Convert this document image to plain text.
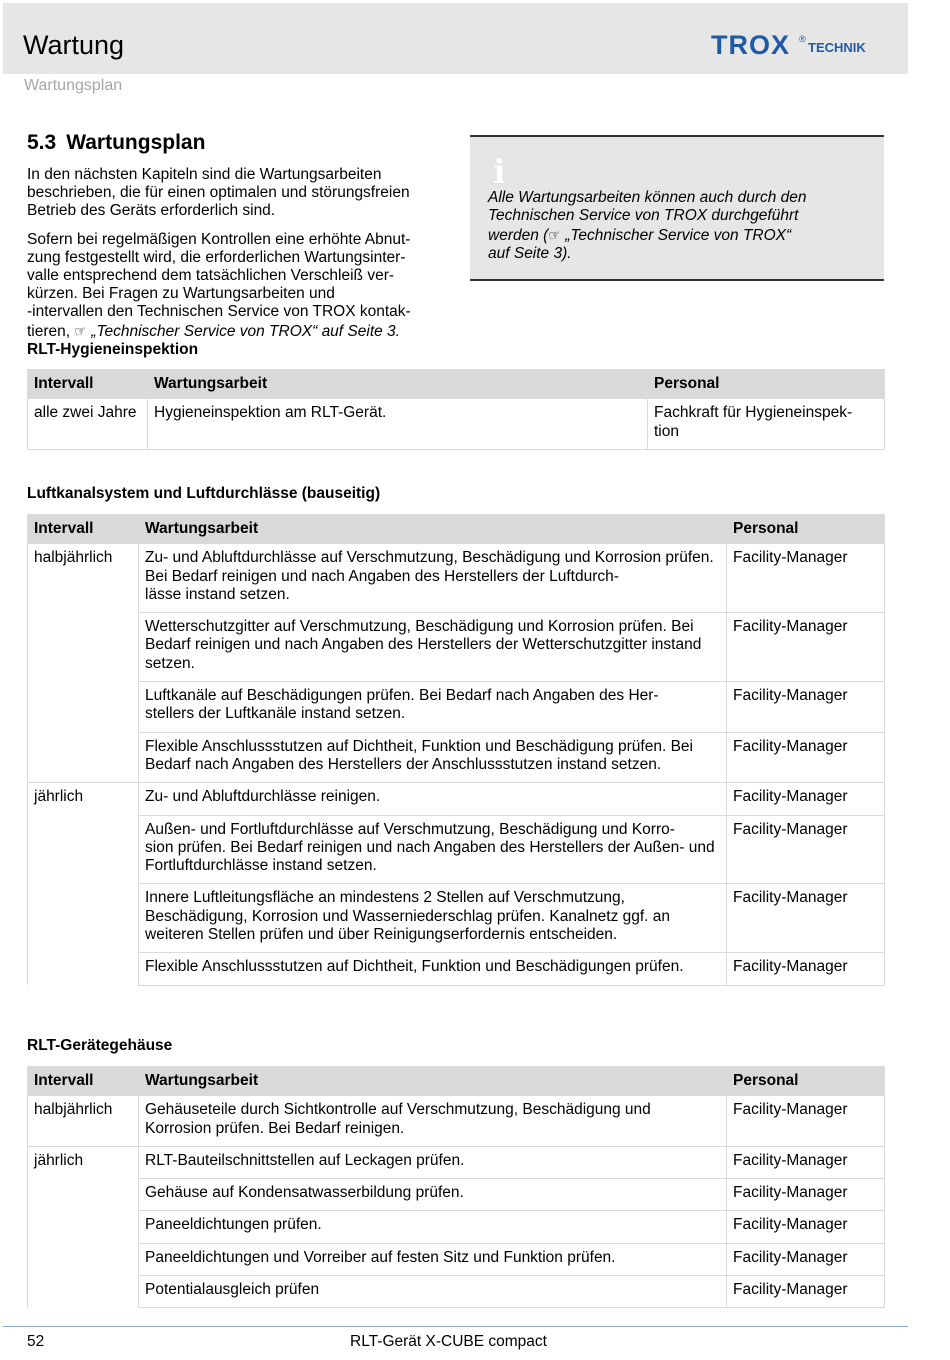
Wartung
Wartungsplan
TROX ®
TECHNIK
5.3 Wartungsplan

In den nächsten Kapiteln sind die Wartungsarbeiten beschrieben, die für einen optimalen und störungsfreien Betrieb des Geräts erforderlich sind.

Sofern bei regelmäßigen Kontrollen eine erhöhte Abnut-
zung festgestellt wird, die erforderlichen Wartungsinter-
valle entsprechend dem tatsächlichen Verschleiß ver-
kürzen. Bei Fragen zu Wartungsarbeiten und
-intervallen den Technischen Service von TROX kontak-
tieren, ☞ „Technischer Service von TROX“ auf Seite 3.

RLT-Hygieneinspektion
i
Alle Wartungsarbeiten können auch durch den
Technischen Service von TROX durchgeführt
werden (☞ „Technischer Service von TROX“
auf Seite 3).
Intervall	Wartungsarbeit	Personal
alle zwei Jahre	Hygieneinspektion am RLT-Gerät.	Fachkraft für Hygieneinspek-
tion
Luftkanalsystem und Luftdurchlässe (bauseitig)
Intervall	Wartungsarbeit	Personal
halbjährlich	Zu- und Abluftdurchlässe auf Verschmutzung, Beschädigung und Korrosion prüfen. Bei Bedarf reinigen und nach Angaben des Herstellers der Luftdurch-
lässe instand setzen.	Facility-Manager
	Wetterschutzgitter auf Verschmutzung, Beschädigung und Korrosion prüfen. Bei Bedarf reinigen und nach Angaben des Herstellers der Wetterschutzgitter instand setzen.	Facility-Manager
	Luftkanäle auf Beschädigungen prüfen. Bei Bedarf nach Angaben des Her-
stellers der Luftkanäle instand setzen.	Facility-Manager
	Flexible Anschlussstutzen auf Dichtheit, Funktion und Beschädigung prüfen. Bei Bedarf nach Angaben des Herstellers der Anschlussstutzen instand setzen.	Facility-Manager
jährlich	Zu- und Abluftdurchlässe reinigen.	Facility-Manager
	Außen- und Fortluftdurchlässe auf Verschmutzung, Beschädigung und Korro-
sion prüfen. Bei Bedarf reinigen und nach Angaben des Herstellers der Außen- und Fortluftdurchlässe instand setzen.	Facility-Manager
	Innere Luftleitungsfläche an mindestens 2 Stellen auf Verschmutzung, Beschädigung, Korrosion und Wasserniederschlag prüfen. Kanalnetz ggf. an weiteren Stellen prüfen und über Reinigungserfordernis entscheiden.	Facility-Manager
	Flexible Anschlussstutzen auf Dichtheit, Funktion und Beschädigungen prüfen.	Facility-Manager
RLT-Gerätegehäuse
Intervall	Wartungsarbeit	Personal
halbjährlich	Gehäuseteile durch Sichtkontrolle auf Verschmutzung, Beschädigung und Korrosion prüfen. Bei Bedarf reinigen.	Facility-Manager
jährlich	RLT-Bauteilschnittstellen auf Leckagen prüfen.	Facility-Manager
	Gehäuse auf Kondensatwasserbildung prüfen.	Facility-Manager
	Paneeldichtungen prüfen.	Facility-Manager
	Paneeldichtungen und Vorreiber auf festen Sitz und Funktion prüfen.	Facility-Manager
	Potentialausgleich prüfen	Facility-Manager
52	RLT-Gerät X-CUBE compact
